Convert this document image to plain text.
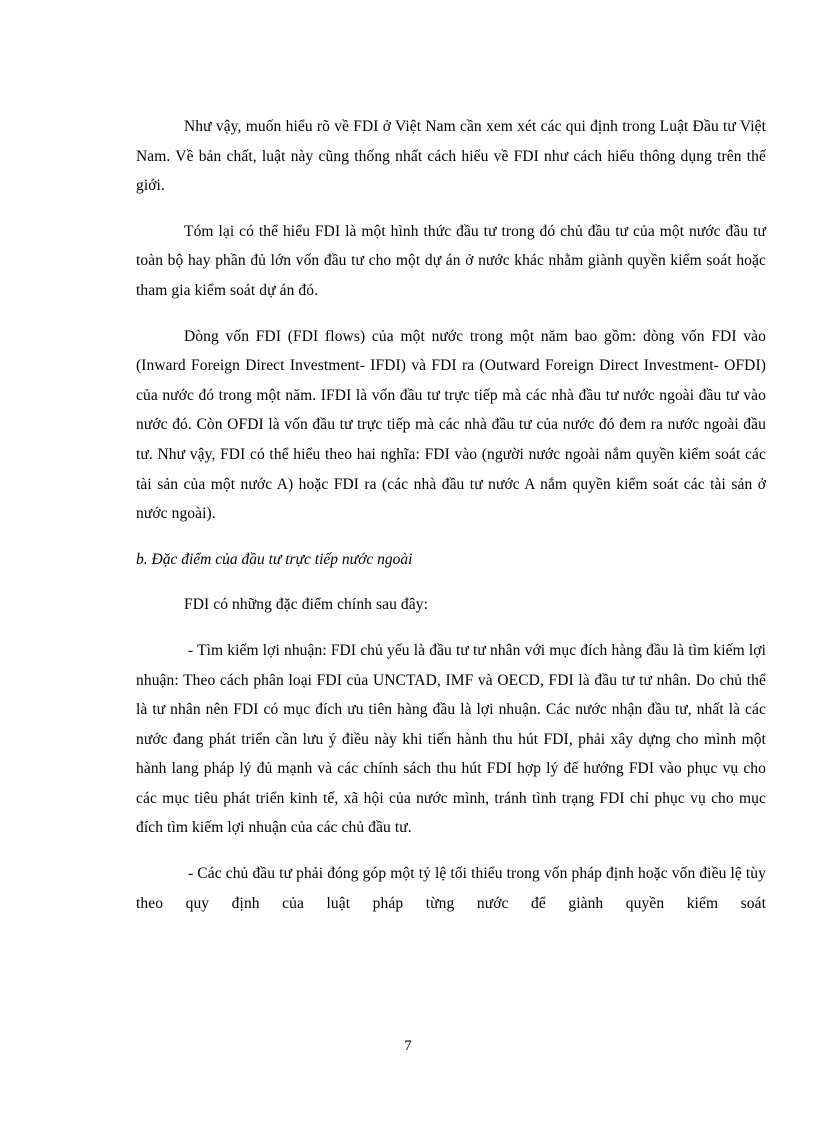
Như vậy, muốn hiểu rõ về FDI ở Việt Nam cần xem xét các qui định trong Luật Đầu tư Việt Nam. Về bản chất, luật này cũng thống nhất cách hiểu về FDI như cách hiểu thông dụng trên thế giới.

Tóm lại có thể hiểu FDI là một hình thức đầu tư trong đó chủ đầu tư của một nước đầu tư toàn bộ hay phần đủ lớn vốn đầu tư cho một dự án ở nước khác nhằm giành quyền kiểm soát hoặc tham gia kiểm soát dự án đó.

Dòng vốn FDI (FDI flows) của một nước trong một năm bao gồm: dòng vốn FDI vào (Inward Foreign Direct Investment- IFDI) và FDI ra (Outward Foreign Direct Investment- OFDI) của nước đó trong một năm. IFDI là vốn đầu tư trực tiếp mà các nhà đầu tư nước ngoài đầu tư vào nước đó. Còn OFDI là vốn đầu tư trực tiếp mà các nhà đầu tư của nước đó đem ra nước ngoài đầu tư. Như vậy, FDI có thể hiểu theo hai nghĩa: FDI vào (người nước ngoài nắm quyền kiểm soát các tài sản của một nước A) hoặc FDI ra (các nhà đầu tư nước A nắm quyền kiểm soát các tài sản ở nước ngoài).

b. Đặc điểm của đầu tư trực tiếp nước ngoài

FDI có những đặc điểm chính sau đây:

- Tìm kiếm lợi nhuận: FDI chủ yếu là đầu tư tư nhân với mục đích hàng đầu là tìm kiếm lợi nhuận: Theo cách phân loại FDI của UNCTAD, IMF và OECD, FDI là đầu tư tư nhân. Do chủ thể là tư nhân nên FDI có mục đích ưu tiên hàng đầu là lợi nhuận. Các nước nhận đầu tư, nhất là các nước đang phát triển cần lưu ý điều này khi tiến hành thu hút FDI, phải xây dựng cho mình một hành lang pháp lý đủ mạnh và các chính sách thu hút FDI hợp lý để hướng FDI vào phục vụ cho các mục tiêu phát triển kinh tế, xã hội của nước mình, tránh tình trạng FDI chỉ phục vụ cho mục đích tìm kiếm lợi nhuận của các chủ đầu tư.

- Các chủ đầu tư phải đóng góp một tỷ lệ tối thiểu trong vốn pháp định hoặc vốn điều lệ tùy theo quy định của luật pháp từng nước để giành quyền kiểm soát

7
